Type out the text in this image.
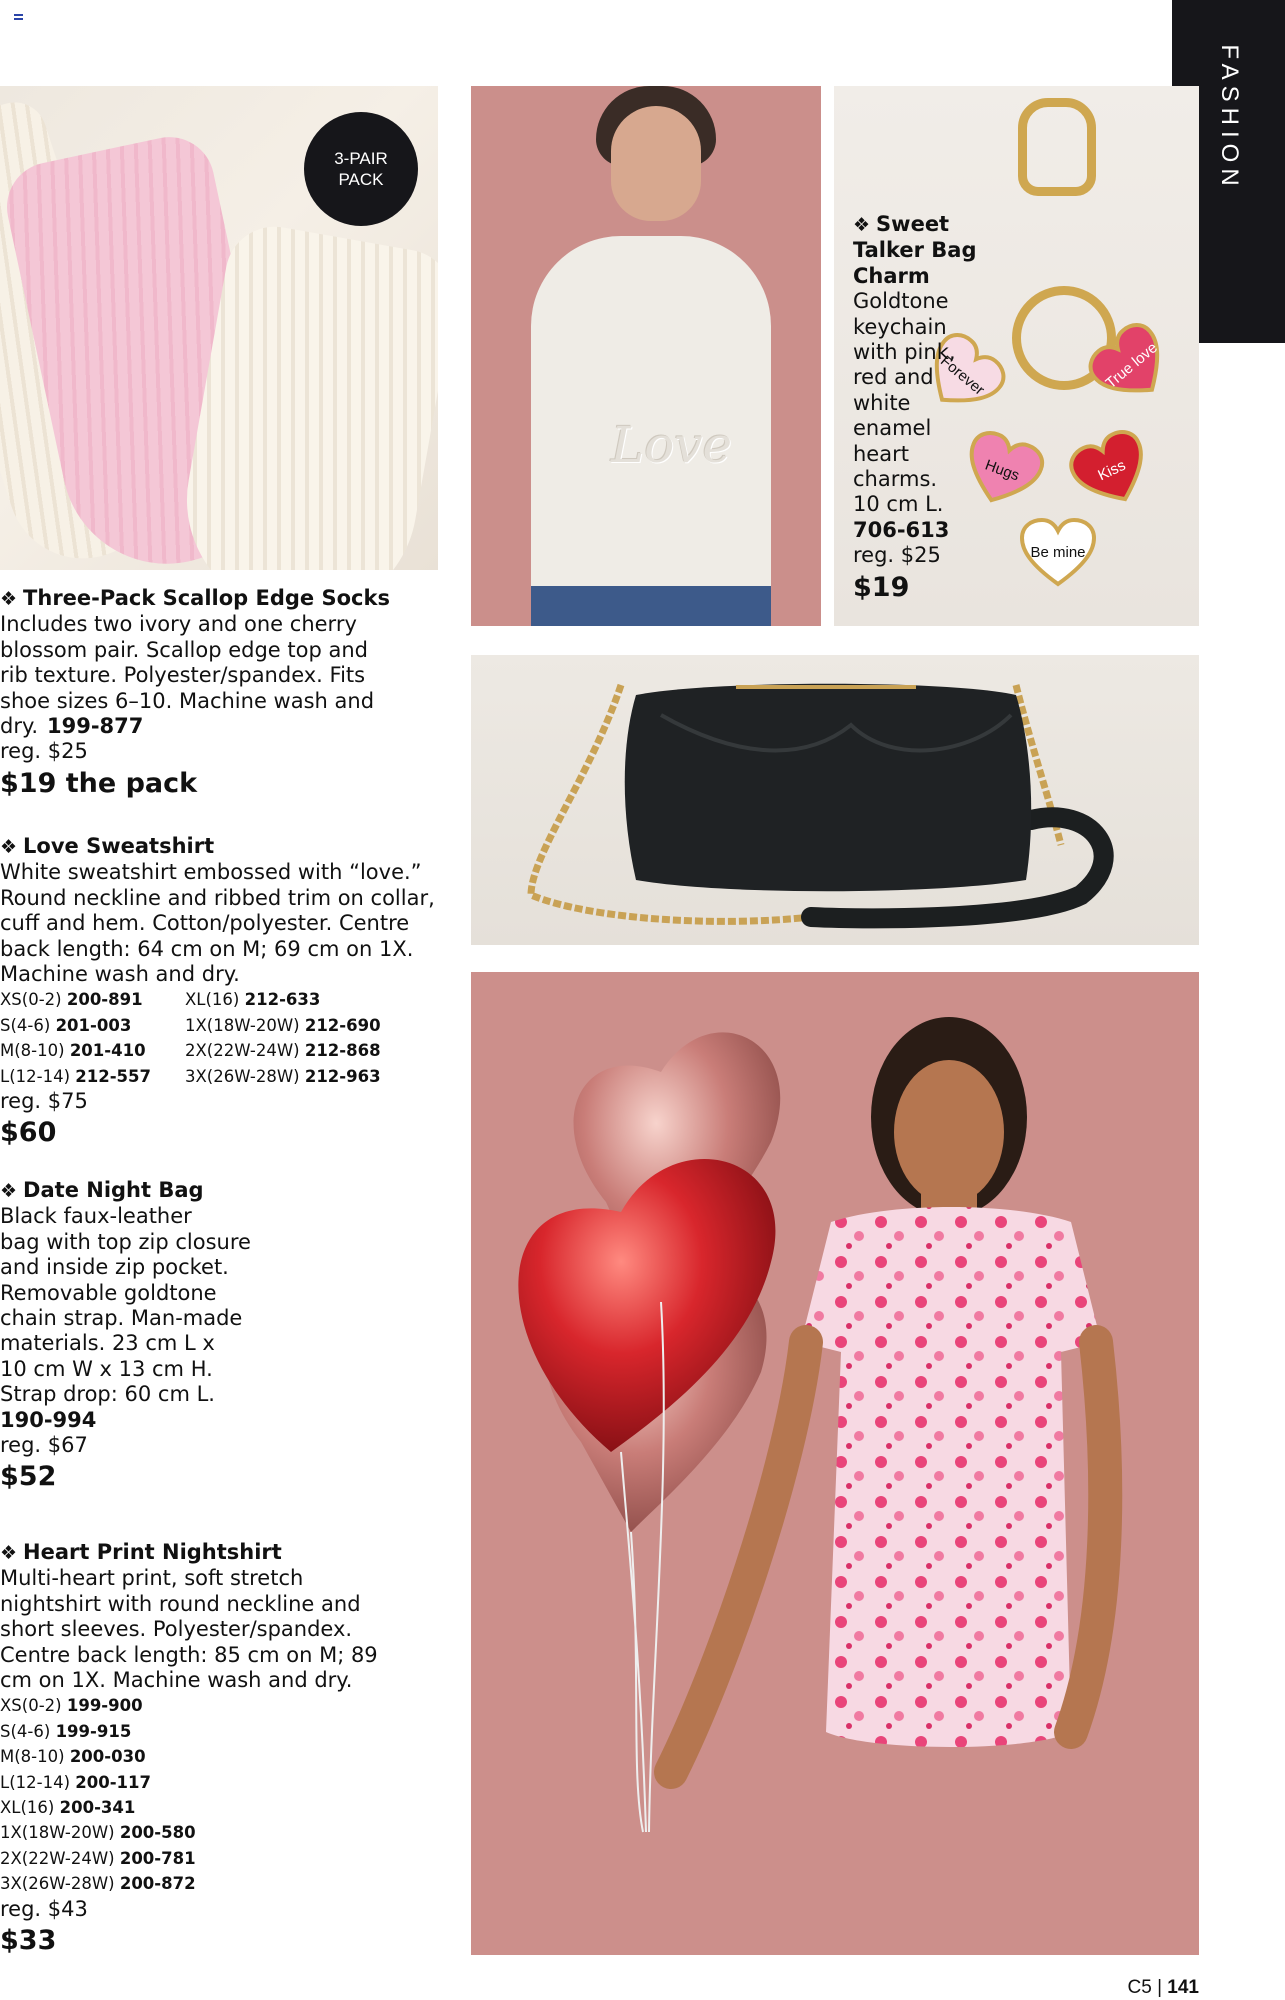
FASHION
3-PAIR
PACK
Love
Forever	True love
Hugs	Kiss
Be mine
❖ Sweet
Talker Bag
Charm
Goldtone
keychain
with pink,
red and
white
enamel
heart
charms.
10 cm L.
706-613
reg. $25
$19
❖ Three-Pack Scallop Edge Socks
Includes two ivory and one cherry blossom pair. Scallop edge top and rib texture. Polyester/spandex. Fits shoe sizes 6–10. Machine wash and dry. 199-877
reg. $25
$19 the pack
❖ Love Sweatshirt
White sweatshirt embossed with “love.” Round neckline and ribbed trim on collar, cuff and hem. Cotton/polyester. Centre back length: 64 cm on M; 69 cm on 1X. Machine wash and dry.
XS(0-2) 200-891	XL(16) 212-633
S(4-6) 201-003	1X(18W-20W) 212-690
M(8-10) 201-410	2X(22W-24W) 212-868
L(12-14) 212-557	3X(26W-28W) 212-963
reg. $75
$60
❖ Date Night Bag
Black faux-leather
bag with top zip closure
and inside zip pocket.
Removable goldtone
chain strap. Man-made
materials. 23 cm L x
10 cm W x 13 cm H.
Strap drop: 60 cm L.
190-994
reg. $67
$52
❖ Heart Print Nightshirt
Multi-heart print, soft stretch nightshirt with round neckline and short sleeves. Polyester/spandex. Centre back length: 85 cm on M; 89 cm on 1X. Machine wash and dry.
XS(0-2) 199-900
S(4-6) 199-915
M(8-10) 200-030
L(12-14) 200-117
XL(16) 200-341
1X(18W-20W) 200-580
2X(22W-24W) 200-781
3X(26W-28W) 200-872
reg. $43
$33
C5 | 141
